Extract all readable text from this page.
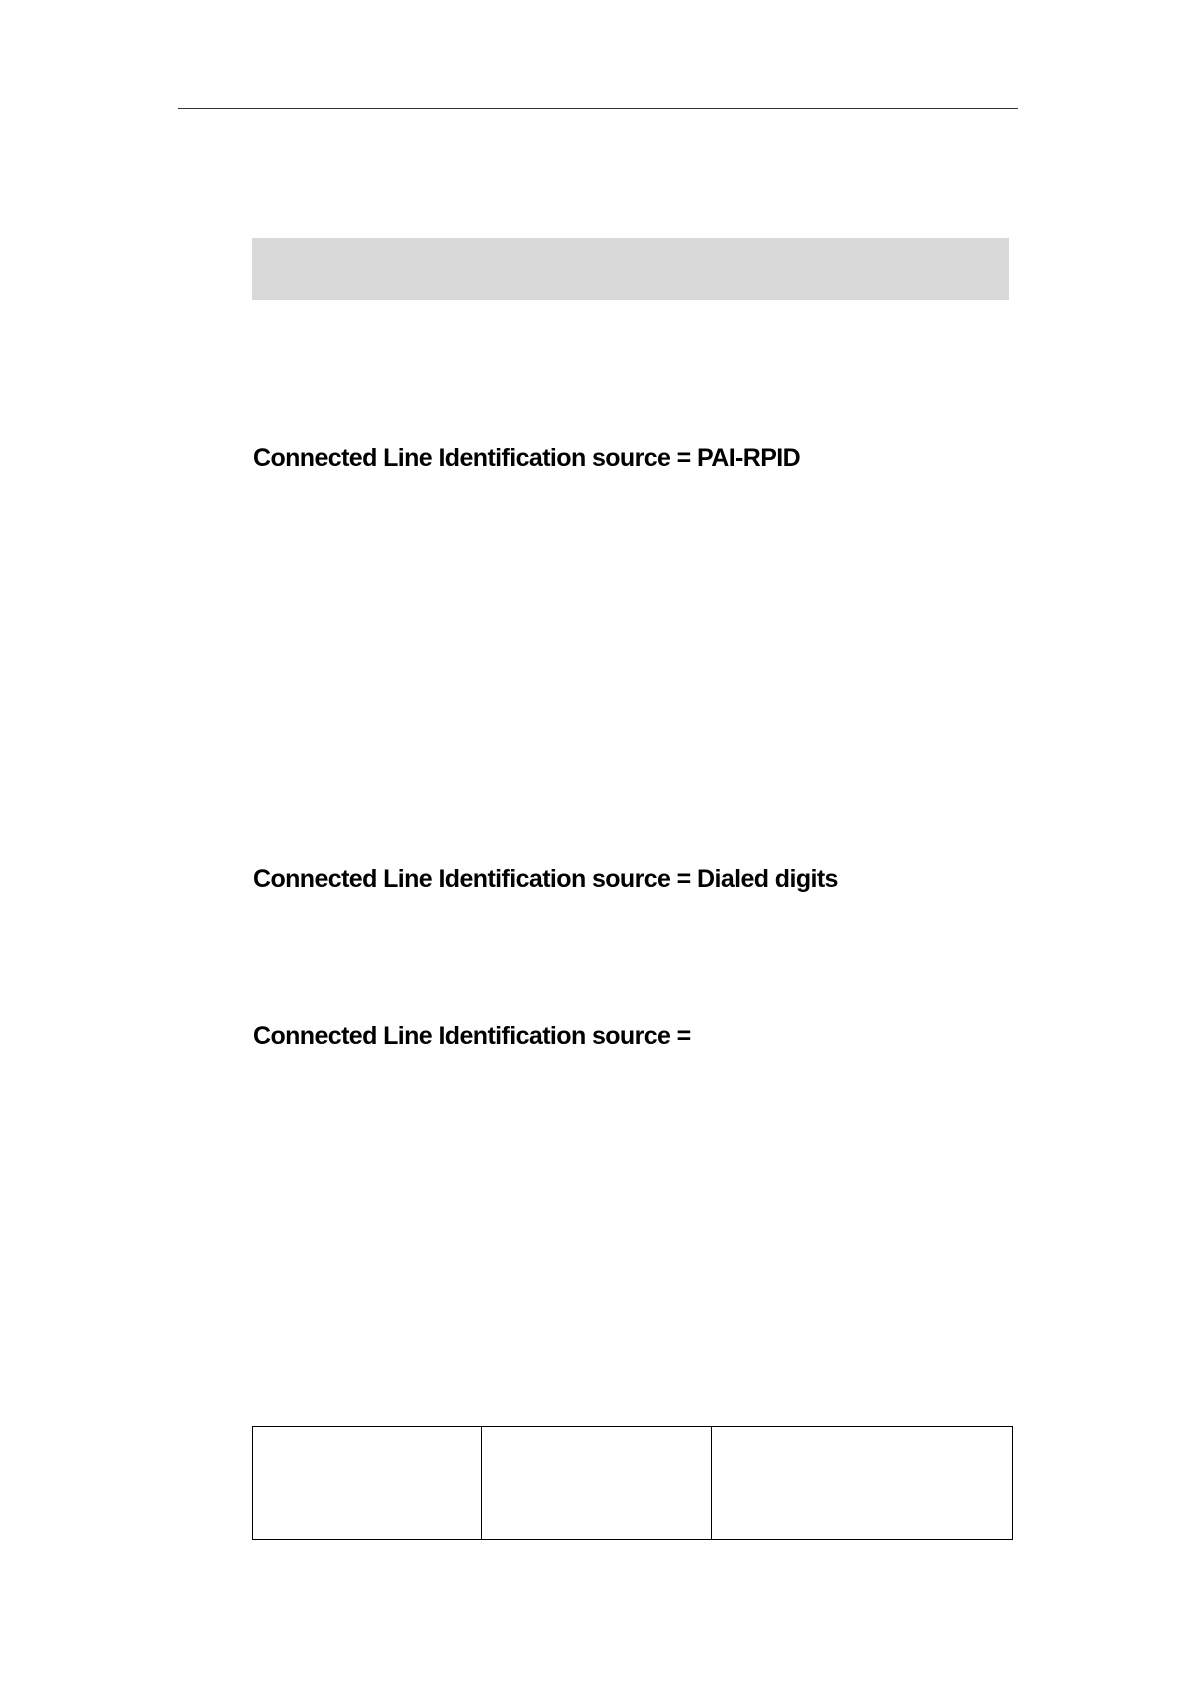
Connected Line Identification source = PAI-RPID
Connected Line Identification source = Dialed digits
Connected Line Identification source =
